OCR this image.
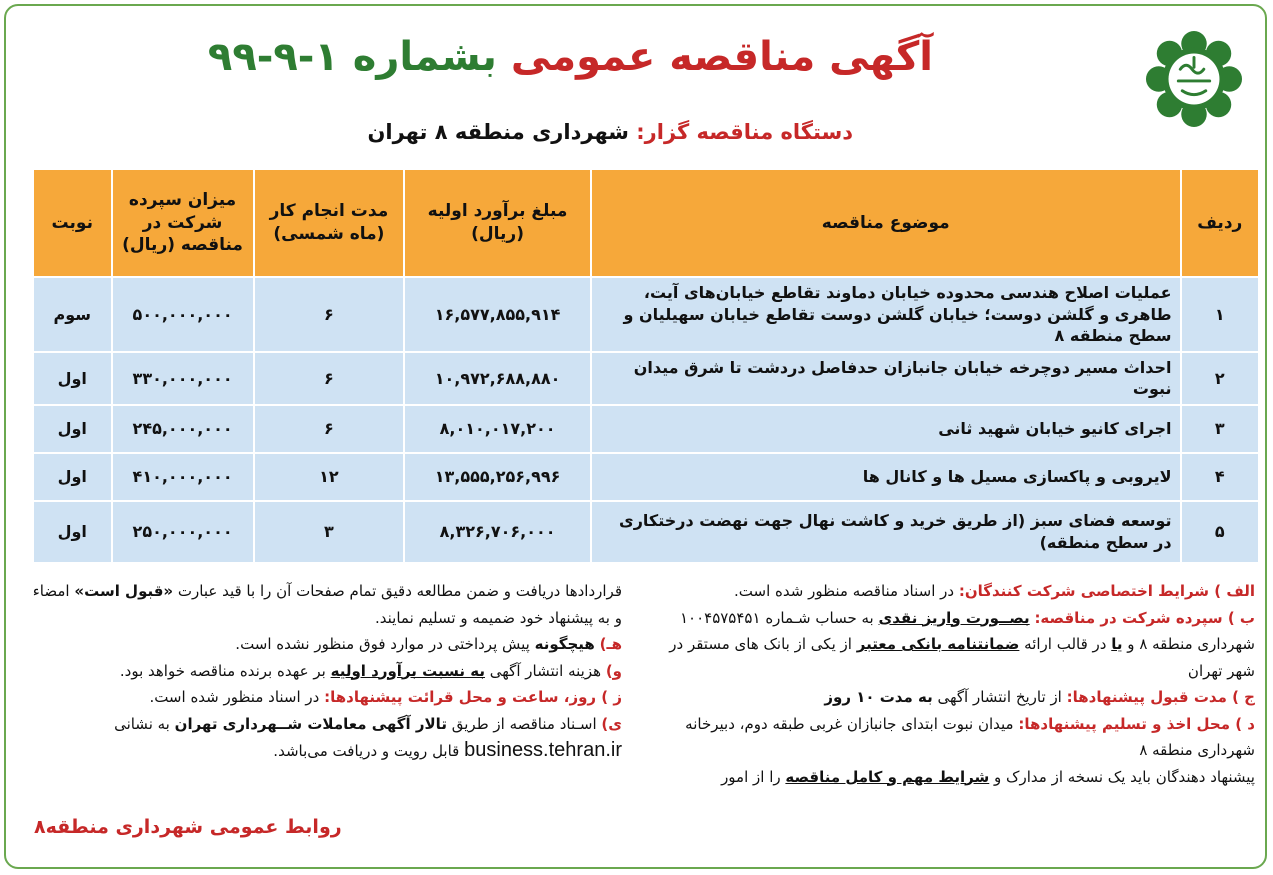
آگهی مناقصه عمومی بشماره ۱-۹-۹۹
دستگاه مناقصه گزار: شهرداری منطقه ۸ تهران
ردیف	موضوع مناقصه	مبلغ برآورد اولیه (ریال)	مدت انجام کار (ماه شمسی)	میزان سپرده شرکت در مناقصه (ریال)	نوبت
۱	عملیات اصلاح هندسی محدوده خیابان دماوند تقاطع خیابان‌های آیت، طاهری و گلشن دوست؛ خیابان گلشن دوست تقاطع خیابان سهیلیان و سطح منطقه ۸	۱۶,۵۷۷,۸۵۵,۹۱۴	۶	۵۰۰,۰۰۰,۰۰۰	سوم
۲	احداث مسیر دوچرخه خیابان جانبازان حدفاصل دردشت تا شرق میدان نبوت	۱۰,۹۷۲,۶۸۸,۸۸۰	۶	۳۳۰,۰۰۰,۰۰۰	اول
۳	اجرای کانیو خیابان شهید ثانی	۸,۰۱۰,۰۱۷,۲۰۰	۶	۲۴۵,۰۰۰,۰۰۰	اول
۴	لایروبی و پاکسازی مسیل ها و کانال ها	۱۳,۵۵۵,۲۵۶,۹۹۶	۱۲	۴۱۰,۰۰۰,۰۰۰	اول
۵	توسعه فضای سبز (از طریق خرید و کاشت نهال جهت نهضت درختکاری در سطح منطقه)	۸,۳۲۶,۷۰۶,۰۰۰	۳	۲۵۰,۰۰۰,۰۰۰	اول

الف ) شرایط اختصاصی شرکت کنندگان: در اسناد مناقصه منظور شده است.

ب ) سپرده شرکت در مناقصه: بصــورت واریز نقدی به حساب شـماره ۱۰۰۴۵۷۵۴۵۱ شهرداری منطقه ۸ و یا در قالب ارائه ضمانتنامه بانکی معتبر از یکی از بانک های مستقر در شهر تهران

ج ) مدت قبول پیشنهادها: از تاریخ انتشار آگهی به مدت ۱۰ روز

د ) محل اخذ و تسلیم پیشنهادها: میدان نبوت ابتدای جانبازان غربی طبقه دوم، دبیرخانه شهرداری منطقه ۸

پیشنهاد دهندگان باید یک نسخه از مدارک و شرایط مهم و کامل مناقصه را از امور

قراردادها دریافت و ضمن مطالعه دقیق تمام صفحات آن را با قید عبارت «قبول است» امضاء و به پیشنهاد خود ضمیمه و تسلیم نمایند.

هـ) هیچگونه پیش پرداختی در موارد فوق منظور نشده است.

و) هزینه انتشار آگهی به نسبت برآورد اولیه بر عهده برنده مناقصه خواهد بود.

ز ) روز، ساعت و محل قرائت پیشنهادها: در اسناد منظور شده است.

ی) اسـناد مناقصه از طریق تالار آگهی معاملات شــهرداری تهران به نشانی business.tehran.ir قابل رویت و دریافت می‌باشد.

روابط عمومی شهرداری منطقه۸
